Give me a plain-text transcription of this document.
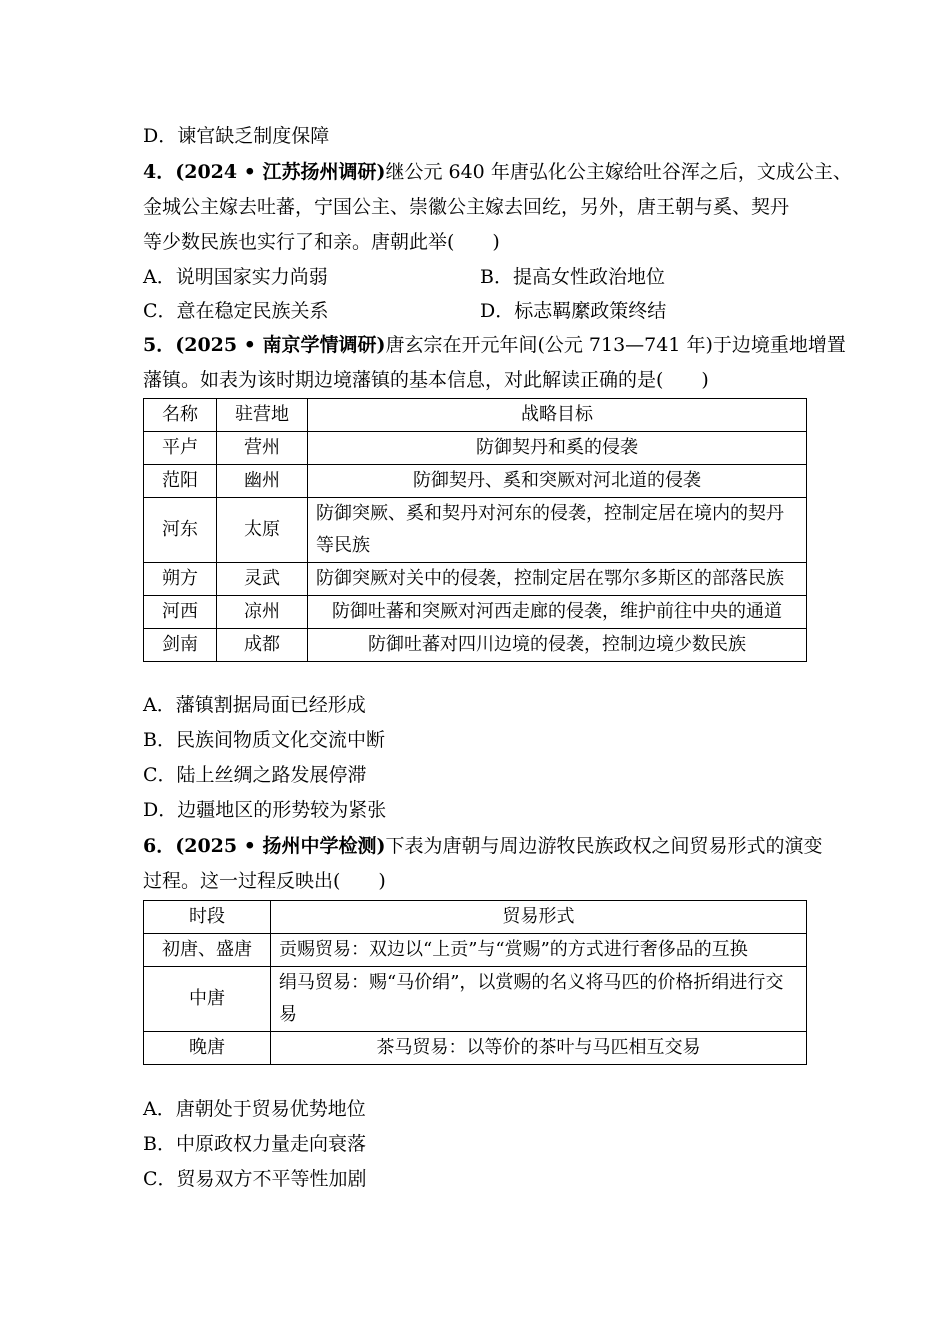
D．谏官缺乏制度保障
4．(2024 • 江苏扬州调研)继公元 640 年唐弘化公主嫁给吐谷浑之后，文成公主、
金城公主嫁去吐蕃，宁国公主、崇徽公主嫁去回纥，另外，唐王朝与奚、契丹
等少数民族也实行了和亲。唐朝此举(　　)
A．说明国家实力尚弱	B．提高女性政治地位
C．意在稳定民族关系	D．标志羁縻政策终结
5．(2025 • 南京学情调研)唐玄宗在开元年间(公元 713—741 年)于边境重地增置
藩镇。如表为该时期边境藩镇的基本信息，对此解读正确的是(　　)
名称	驻营地	战略目标
平卢	营州	防御契丹和奚的侵袭
范阳	幽州	防御契丹、奚和突厥对河北道的侵袭
河东	太原	防御突厥、奚和契丹对河东的侵袭，控制定居在境内的契丹等民族
朔方	灵武	防御突厥对关中的侵袭，控制定居在鄂尔多斯区的部落民族
河西	凉州	防御吐蕃和突厥对河西走廊的侵袭，维护前往中央的通道
剑南	成都	防御吐蕃对四川边境的侵袭，控制边境少数民族
A．藩镇割据局面已经形成
B．民族间物质文化交流中断
C．陆上丝绸之路发展停滞
D．边疆地区的形势较为紧张
6．(2025 • 扬州中学检测)下表为唐朝与周边游牧民族政权之间贸易形式的演变
过程。这一过程反映出(　　)
时段	贸易形式
初唐、盛唐	贡赐贸易：双边以“上贡”与“赏赐”的方式进行奢侈品的互换
中唐	绢马贸易：赐“马价绢”，以赏赐的名义将马匹的价格折绢进行交易
晚唐	茶马贸易：以等价的茶叶与马匹相互交易
A．唐朝处于贸易优势地位
B．中原政权力量走向衰落
C．贸易双方不平等性加剧
